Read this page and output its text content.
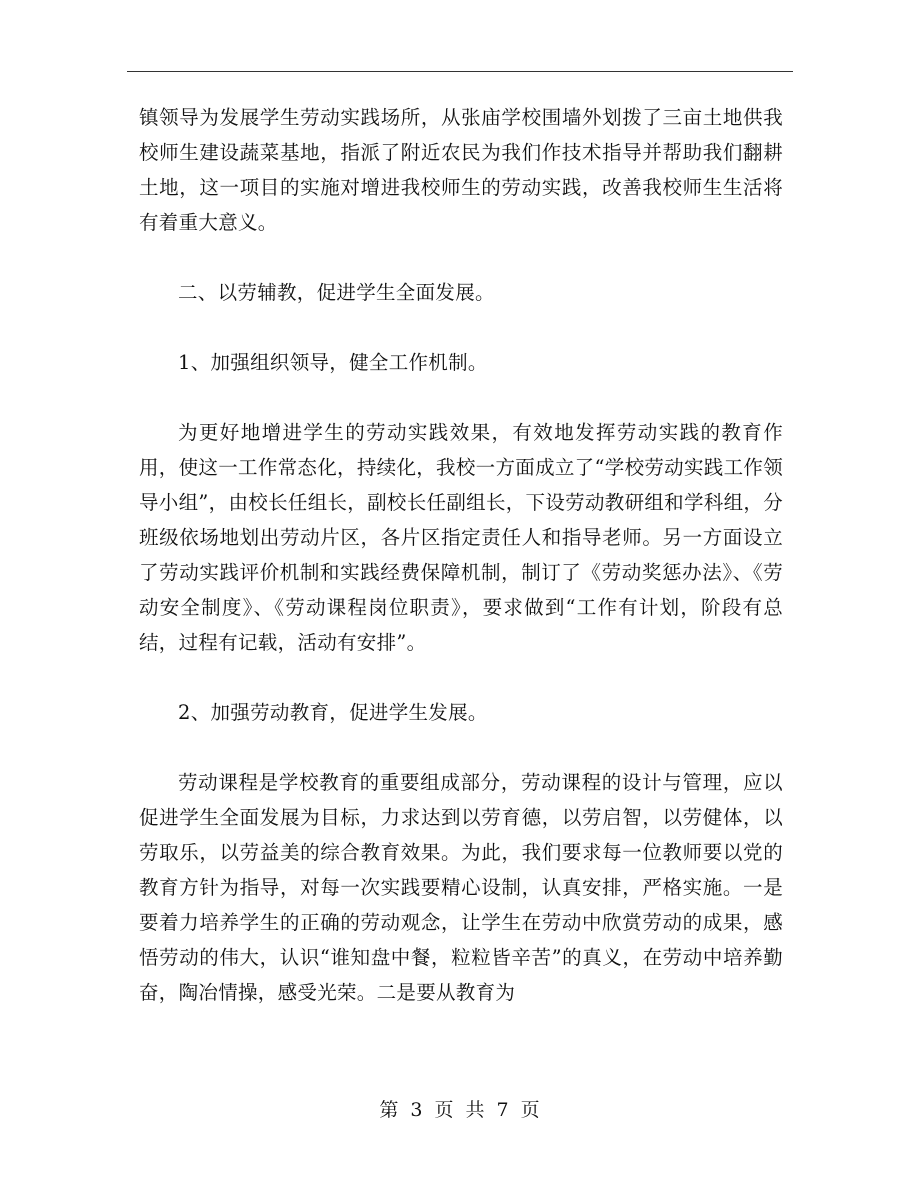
镇领导为发展学生劳动实践场所，从张庙学校围墙外划拨了三亩土地供我校师生建设蔬菜基地，指派了附近农民为我们作技术指导并帮助我们翻耕土地，这一项目的实施对增进我校师生的劳动实践，改善我校师生生活将有着重大意义。

二、以劳辅教，促进学生全面发展。

1、加强组织领导，健全工作机制。

为更好地增进学生的劳动实践效果，有效地发挥劳动实践的教育作用，使这一工作常态化，持续化，我校一方面成立了“学校劳动实践工作领导小组”，由校长任组长，副校长任副组长，下设劳动教研组和学科组，分班级依场地划出劳动片区，各片区指定责任人和指导老师。另一方面设立了劳动实践评价机制和实践经费保障机制，制订了《劳动奖惩办法》、《劳动安全制度》、《劳动课程岗位职责》，要求做到“工作有计划，阶段有总结，过程有记载，活动有安排”。

2、加强劳动教育，促进学生发展。

劳动课程是学校教育的重要组成部分，劳动课程的设计与管理，应以促进学生全面发展为目标，力求达到以劳育德，以劳启智，以劳健体，以劳取乐，以劳益美的综合教育效果。为此，我们要求每一位教师要以党的教育方针为指导，对每一次实践要精心设制，认真安排，严格实施。一是要着力培养学生的正确的劳动观念，让学生在劳动中欣赏劳动的成果，感悟劳动的伟大，认识“谁知盘中餐，粒粒皆辛苦”的真义，在劳动中培养勤奋，陶冶情操，感受光荣。二是要从教育为

第 3 页 共 7 页
